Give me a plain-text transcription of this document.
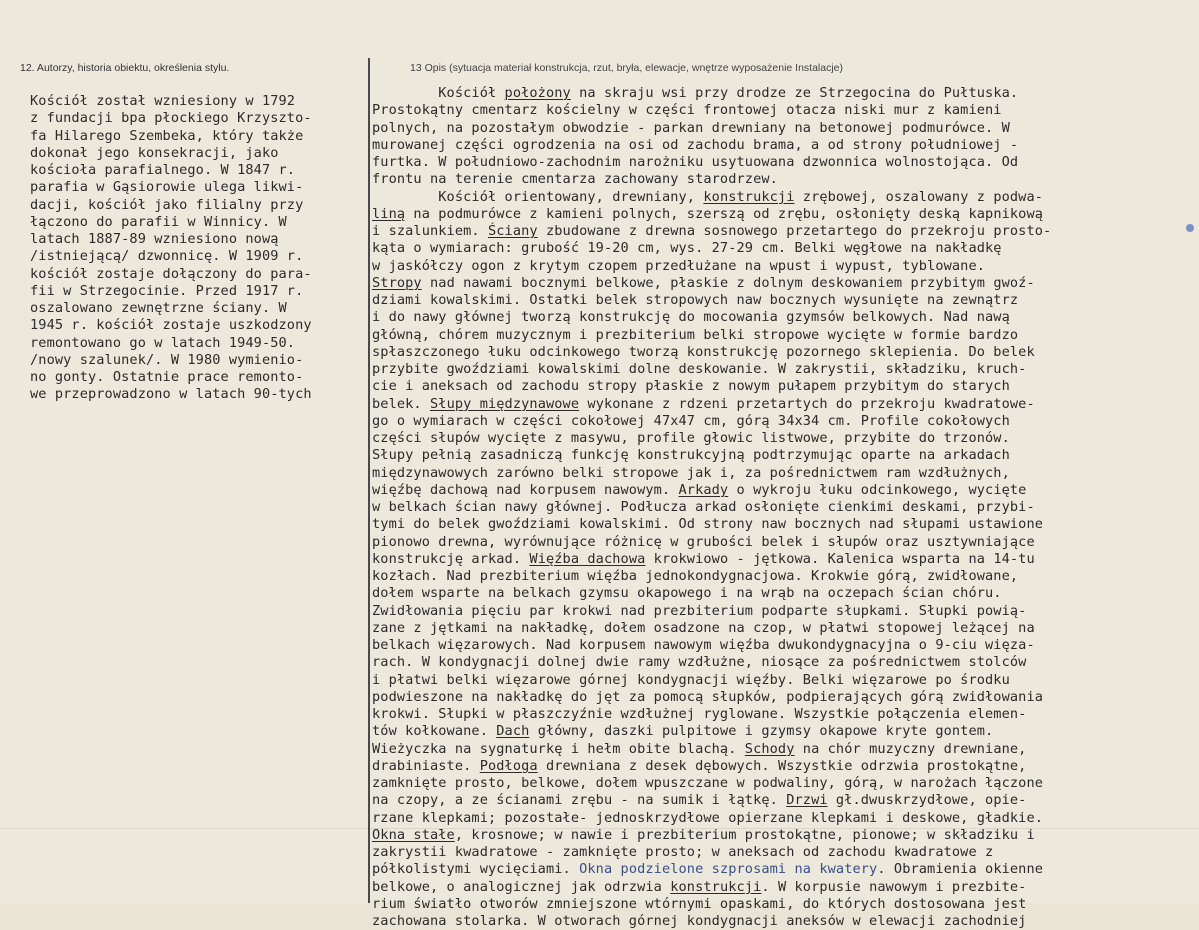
12. Autorzy, historia obiektu, określenia stylu.	13 Opis (sytuacja materiał konstrukcja, rzut, bryła, elewacje, wnętrze wyposażenie Instalacje)
Kościół został wzniesiony w 1792
z fundacji bpa płockiego Krzyszto-
fa Hilarego Szembeka, który także
dokonał jego konsekracji, jako
kościoła parafialnego. W 1847 r.
parafia w Gąsiorowie ulega likwi-
dacji, kościół jako filialny przy
łączono do parafii w Winnicy. W
latach 1887-89 wzniesiono nową
/istniejącą/ dzwonnicę. W 1909 r.
kościół zostaje dołączony do para-
fii w Strzegocinie. Przed 1917 r.
oszalowano zewnętrzne ściany. W
1945 r. kościół zostaje uszkodzony
remontowano go w latach 1949-50.
/nowy szalunek/. W 1980 wymienio-
no gonty. Ostatnie prace remonto-
we przeprowadzono w latach 90-tych
Kościół położony na skraju wsi przy drodze ze Strzegocina do Pułtuska.
Prostokątny cmentarz kościelny w części frontowej otacza niski mur z kamieni
polnych, na pozostałym obwodzie - parkan drewniany na betonowej podmurówce. W
murowanej części ogrodzenia na osi od zachodu brama, a od strony południowej -
furtka. W południowo-zachodnim narożniku usytuowana dzwonnica wolnostojąca. Od
frontu na terenie cmentarza zachowany starodrzew.
Kościół orientowany, drewniany, konstrukcji zrębowej, oszalowany z podwa-
liną na podmurówce z kamieni polnych, szerszą od zrębu, osłonięty deską kapnikową
i szalunkiem. Ściany zbudowane z drewna sosnowego przetartego do przekroju prosto-
kąta o wymiarach: grubość 19-20 cm, wys. 27-29 cm. Belki węgłowe na nakładkę
w jaskółczy ogon z krytym czopem przedłużane na wpust i wypust, tyblowane.
Stropy nad nawami bocznymi belkowe, płaskie z dolnym deskowaniem przybitym gwoź-
dziami kowalskimi. Ostatki belek stropowych naw bocznych wysunięte na zewnątrz
i do nawy głównej tworzą konstrukcję do mocowania gzymsów belkowych. Nad nawą
główną, chórem muzycznym i prezbiterium belki stropowe wycięte w formie bardzo
spłaszczonego łuku odcinkowego tworzą konstrukcję pozornego sklepienia. Do belek
przybite gwoździami kowalskimi dolne deskowanie. W zakrystii, składziku, kruch-
cie i aneksach od zachodu stropy płaskie z nowym pułapem przybitym do starych
belek. Słupy międzynawowe wykonane z rdzeni przetartych do przekroju kwadratowe-
go o wymiarach w części cokołowej 47x47 cm, górą 34x34 cm. Profile cokołowych
części słupów wycięte z masywu, profile głowic listwowe, przybite do trzonów.
Słupy pełnią zasadniczą funkcję konstrukcyjną podtrzymując oparte na arkadach
międzynawowych zarówno belki stropowe jak i, za pośrednictwem ram wzdłużnych,
więźbę dachową nad korpusem nawowym. Arkady o wykroju łuku odcinkowego, wycięte
w belkach ścian nawy głównej. Podłucza arkad osłonięte cienkimi deskami, przybi-
tymi do belek gwoździami kowalskimi. Od strony naw bocznych nad słupami ustawione
pionowo drewna, wyrównujące różnicę w grubości belek i słupów oraz usztywniające
konstrukcję arkad. Więźba dachowa krokwiowo - jętkowa. Kalenica wsparta na 14-tu
kozłach. Nad prezbiterium więźba jednokondygnacjowa. Krokwie górą, zwidłowane,
dołem wsparte na belkach gzymsu okapowego i na wrąb na oczepach ścian chóru.
Zwidłowania pięciu par krokwi nad prezbiterium podparte słupkami. Słupki powią-
zane z jętkami na nakładkę, dołem osadzone na czop, w płatwi stopowej leżącej na
belkach więzarowych. Nad korpusem nawowym więźba dwukondygnacyjna o 9-ciu więza-
rach. W kondygnacji dolnej dwie ramy wzdłużne, niosące za pośrednictwem stolców
i płatwi belki więzarowe górnej kondygnacji więźby. Belki więzarowe po środku
podwieszone na nakładkę do jęt za pomocą słupków, podpierających górą zwidłowania
krokwi. Słupki w płaszczyźnie wzdłużnej ryglowane. Wszystkie połączenia elemen-
tów kołkowane. Dach główny, daszki pulpitowe i gzymsy okapowe kryte gontem.
Wieżyczka na sygnaturkę i hełm obite blachą. Schody na chór muzyczny drewniane,
drabiniaste. Podłoga drewniana z desek dębowych. Wszystkie odrzwia prostokątne,
zamknięte prosto, belkowe, dołem wpuszczane w podwaliny, górą, w narożach łączone
na czopy, a ze ścianami zrębu - na sumik i łątkę. Drzwi gł.dwuskrzydłowe, opie-
rzane klepkami; pozostałe- jednoskrzydłowe opierzane klepkami i deskowe, gładkie.
Okna stałe, krosnowe; w nawie i prezbiterium prostokątne, pionowe; w składziku i
zakrystii kwadratowe - zamknięte prosto; w aneksach od zachodu kwadratowe z
półkolistymi wycięciami. Okna podzielone szprosami na kwatery. Obramienia okienne
belkowe, o analogicznej jak odrzwia konstrukcji. W korpusie nawowym i prezbite-
rium światło otworów zmniejszone wtórnymi opaskami, do których dostosowana jest
zachowana stolarka. W otworach górnej kondygnacji aneksów w elewacji zachodniej
